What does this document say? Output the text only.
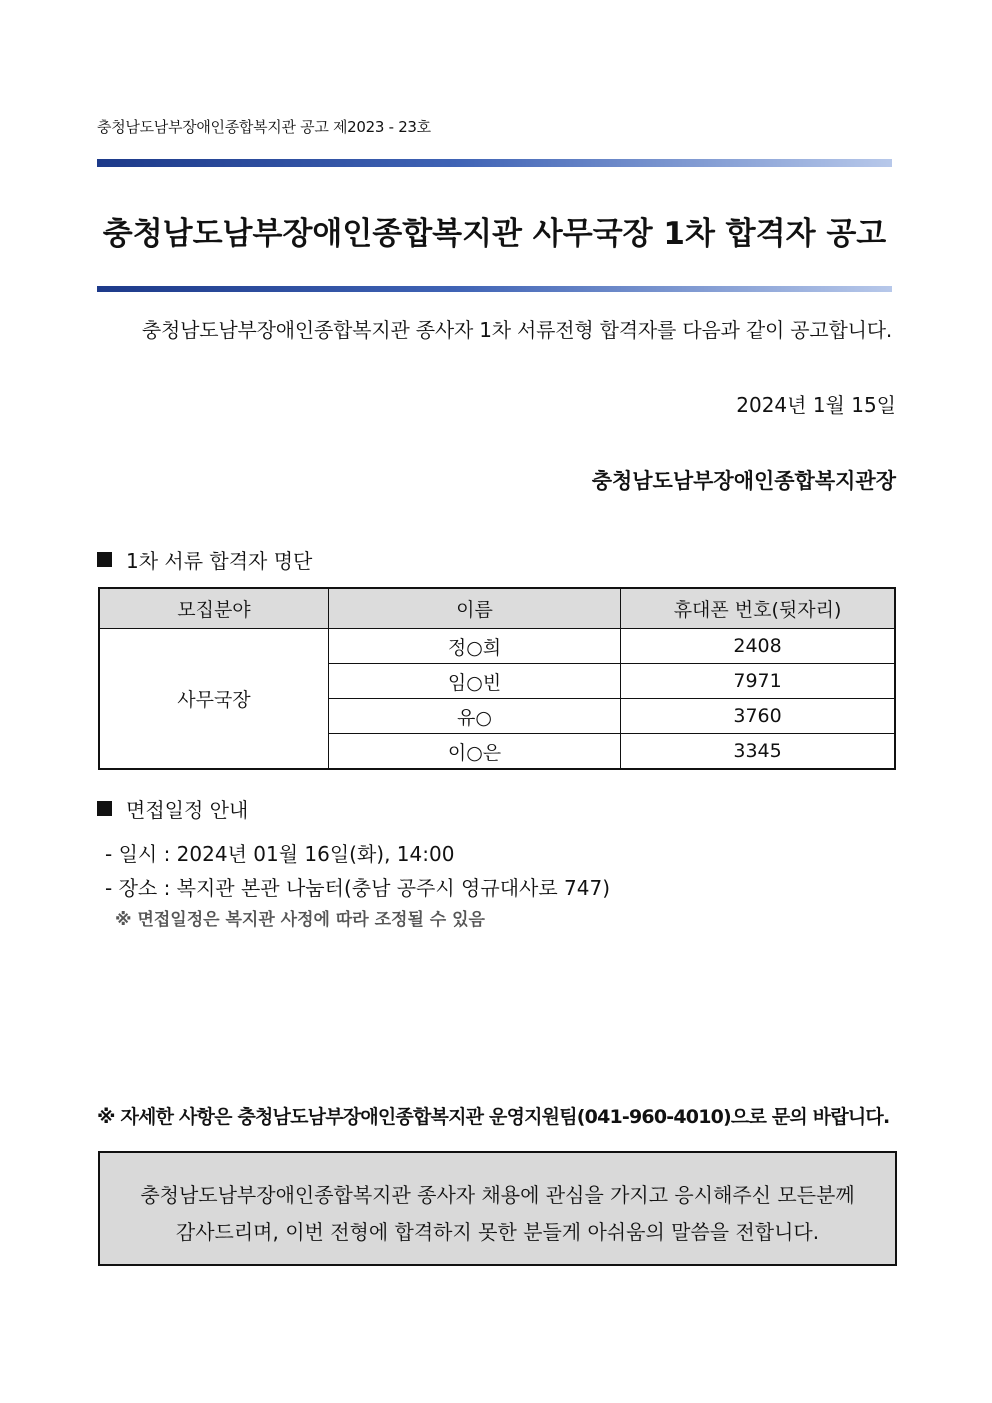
충청남도남부장애인종합복지관 공고 제2023 - 23호
충청남도남부장애인종합복지관 사무국장 1차 합격자 공고
충청남도남부장애인종합복지관 종사자 1차 서류전형 합격자를 다음과 같이 공고합니다.
2024년 1월 15일
충청남도남부장애인종합복지관장
1차 서류 합격자 명단
모집분야	이름	휴대폰 번호(뒷자리)
사무국장	정○희	2408
	임○빈	7971
	유○	3760
	이○은	3345
면접일정 안내
- 일시 : 2024년 01월 16일(화), 14:00
- 장소 : 복지관 본관 나눔터(충남 공주시 영규대사로 747)
※ 면접일정은 복지관 사정에 따라 조정될 수 있음
※ 자세한 사항은 충청남도남부장애인종합복지관 운영지원팀(041-960-4010)으로 문의 바랍니다.
충청남도남부장애인종합복지관 종사자 채용에 관심을 가지고 응시해주신 모든분께
감사드리며, 이번 전형에 합격하지 못한 분들게 아쉬움의 말씀을 전합니다.
